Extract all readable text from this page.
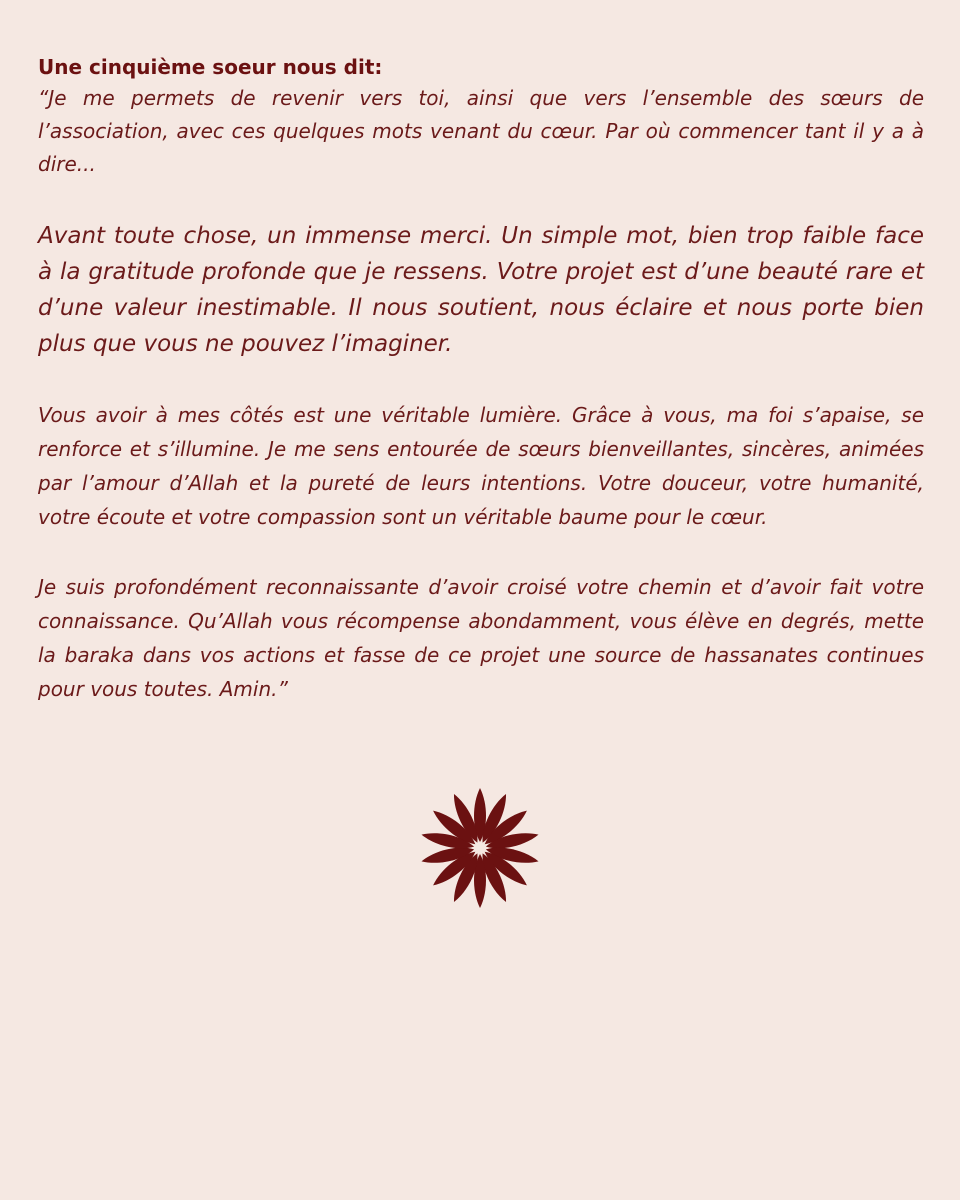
Une cinquième soeur nous dit:

“Je me permets de revenir vers toi, ainsi que vers l’ensemble des sœurs de l’association, avec ces quelques mots venant du cœur. Par où commencer tant il y a à dire...

Avant toute chose, un immense merci. Un simple mot, bien trop faible face à la gratitude profonde que je ressens. Votre projet est d’une beauté rare et d’une valeur inestimable. Il nous soutient, nous éclaire et nous porte bien plus que vous ne pouvez l’imaginer.

Vous avoir à mes côtés est une véritable lumière. Grâce à vous, ma foi s’apaise, se renforce et s’illumine. Je me sens entourée de sœurs bienveillantes, sincères, animées par l’amour d’Allah et la pureté de leurs intentions. Votre douceur, votre humanité, votre écoute et votre compassion sont un véritable baume pour le cœur.

Je suis profondément reconnaissante d’avoir croisé votre chemin et d’avoir fait votre connaissance. Qu’Allah vous récompense abondamment, vous élève en degrés, mette la baraka dans vos actions et fasse de ce projet une source de hassanates continues pour vous toutes. Amin.”
